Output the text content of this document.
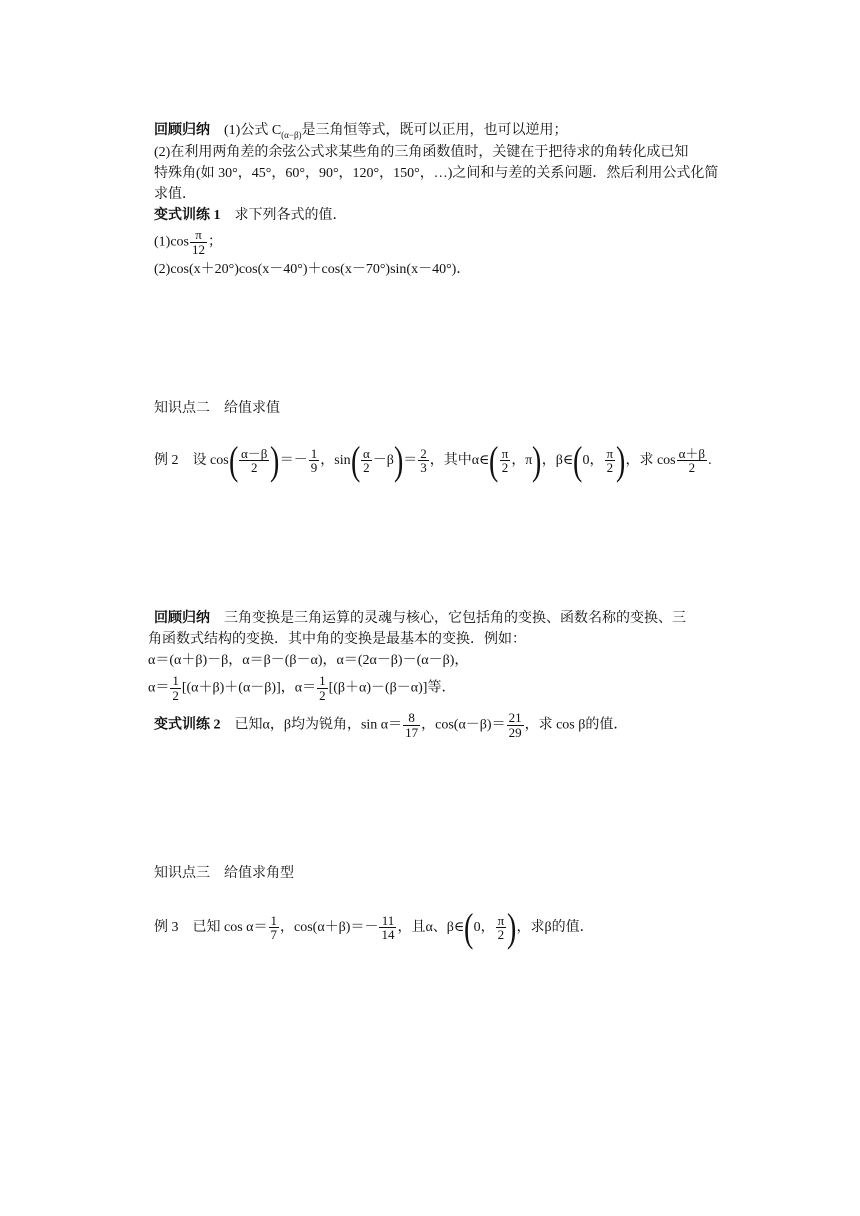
回顾归纳 (1)公式 $C_{(\alpha-\beta)}$是三角恒等式，既可以正用，也可以逆用；
(2)在利用两角差的余弦公式求某些角的三角函数值时，关键在于把待求的角转化成已知
特殊角(如 30°，45°，60°，90°，120°，150°，…)之间和与差的关系问题．然后利用公式化简
求值．
变式训练 1 求下列各式的值．
$(1)\cos \frac{\pi}{12}$ ；
(2)cos(x＋20°)cos(x－40°)＋cos(x－70°)sin(x－40°)．
知识点二　给值求值
例 2 设 $\cos( \frac{\alpha-\beta}{2}$ )＝－ $\frac{1}{9}$ ，$\sin( \frac{\alpha}{2} -\beta)= \frac{2}{3}$ ，其中α∈( $\frac{\pi}{2}$ ，π)，β∈(0， $\frac{\pi}{2}$ )，求 $\cos \frac{\alpha+\beta}{2}$ .
回顾归纳 三角变换是三角运算的灵魂与核心，它包括角的变换、函数名称的变换、三
角函数式结构的变换．其中角的变换是最基本的变换．例如：
α＝(α＋β)－β，α＝β－(β－α)，α＝(2α－β)－(α－β)，
$\alpha= \frac{1}{2} [(\alpha+\beta)+(\alpha-\beta)]$，$\alpha= \frac{1}{2} [(\beta+\alpha)-(\beta-\alpha)]$等．
变式训练 2 已知α，β均为锐角，$\sin \alpha= \frac{8}{17}$ ，$\cos(\alpha-\beta)= \frac{21}{29}$ ，求 cos β的值．
知识点三　给值求角型
例 3 已知 $\cos \alpha= \frac{1}{7}$ ，$\cos(\alpha+\beta)=- \frac{11}{14}$ ，且α、β∈(0， $\frac{\pi}{2}$ )，求β的值．
